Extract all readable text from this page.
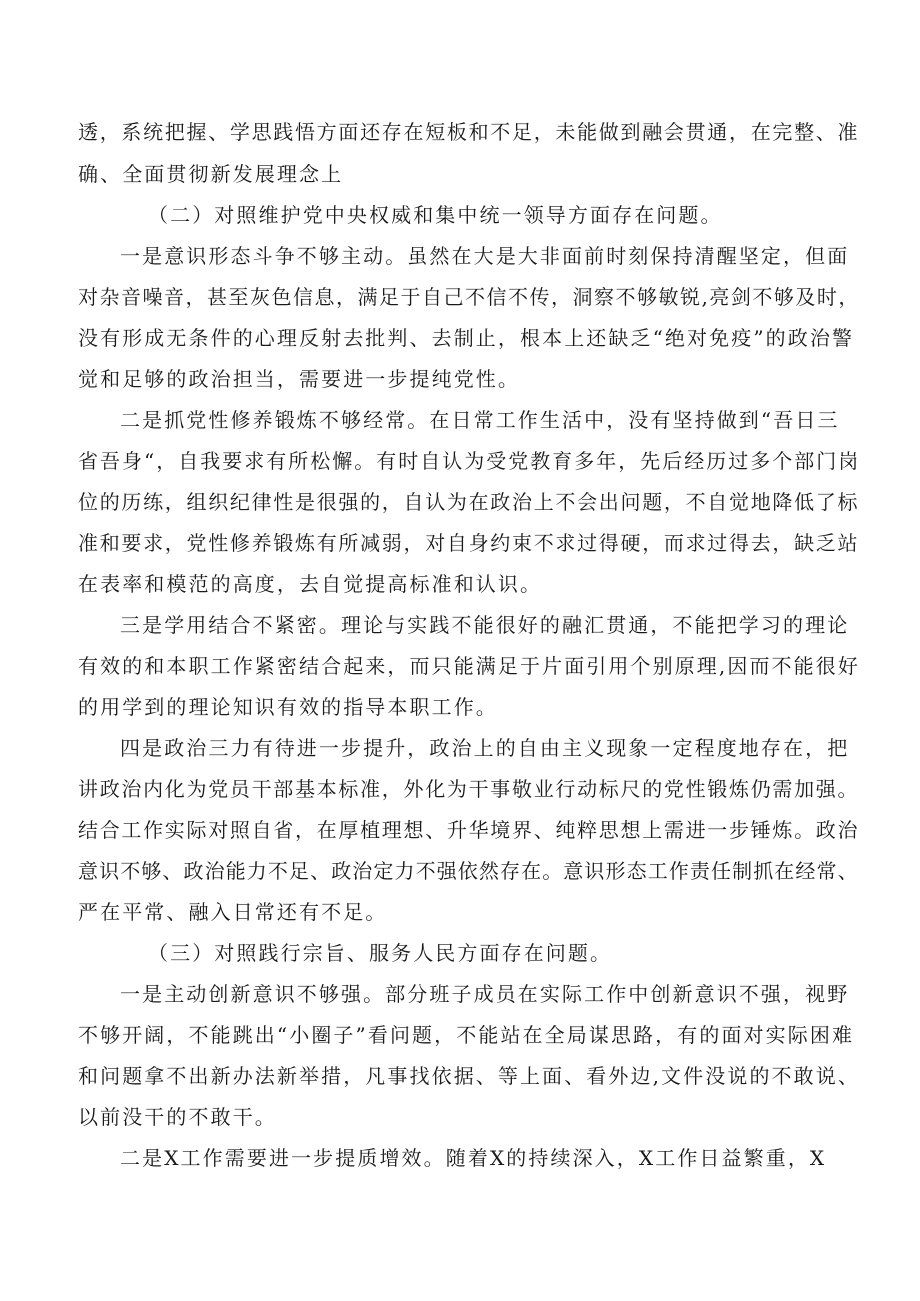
透，系统把握、学思践悟方面还存在短板和不足，未能做到融会贯通，在完整、准
确、全面贯彻新发展理念上
（二）对照维护党中央权威和集中统一领导方面存在问题。
一是意识形态斗争不够主动。虽然在大是大非面前时刻保持清醒坚定，但面
对杂音噪音，甚至灰色信息，满足于自己不信不传，洞察不够敏锐,亮剑不够及时，
没有形成无条件的心理反射去批判、去制止，根本上还缺乏“绝对免疫”的政治警
觉和足够的政治担当，需要进一步提纯党性。
二是抓党性修养锻炼不够经常。在日常工作生活中，没有坚持做到“吾日三
省吾身“，自我要求有所松懈。有时自认为受党教育多年，先后经历过多个部门岗
位的历练，组织纪律性是很强的，自认为在政治上不会出问题，不自觉地降低了标
准和要求，党性修养锻炼有所减弱，对自身约束不求过得硬，而求过得去，缺乏站
在表率和模范的高度，去自觉提高标准和认识。
三是学用结合不紧密。理论与实践不能很好的融汇贯通，不能把学习的理论
有效的和本职工作紧密结合起来，而只能满足于片面引用个别原理,因而不能很好
的用学到的理论知识有效的指导本职工作。
四是政治三力有待进一步提升，政治上的自由主义现象一定程度地存在，把
讲政治内化为党员干部基本标准，外化为干事敬业行动标尺的党性锻炼仍需加强。
结合工作实际对照自省，在厚植理想、升华境界、纯粹思想上需进一步锤炼。政治
意识不够、政治能力不足、政治定力不强依然存在。意识形态工作责任制抓在经常、
严在平常、融入日常还有不足。
（三）对照践行宗旨、服务人民方面存在问题。
一是主动创新意识不够强。部分班子成员在实际工作中创新意识不强，视野
不够开阔，不能跳出“小圈子”看问题，不能站在全局谋思路，有的面对实际困难
和问题拿不出新办法新举措，凡事找依据、等上面、看外边,文件没说的不敢说、
以前没干的不敢干。
二是X工作需要进一步提质增效。随着X的持续深入，X工作日益繁重，X
